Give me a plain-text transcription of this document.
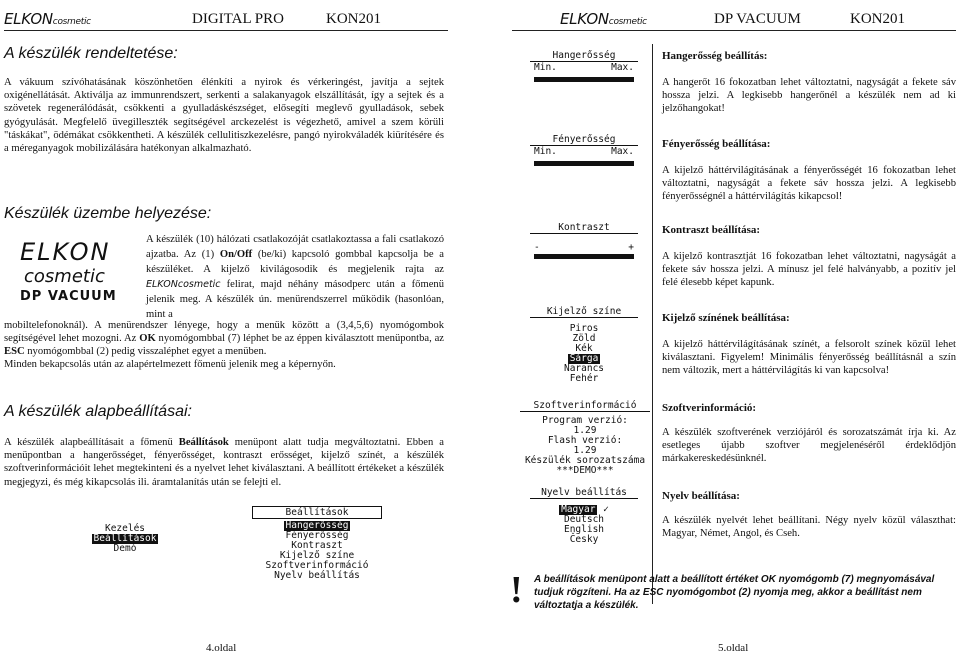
ELKONcosmetic	DIGITAL PRO	KON201
A készülék rendeltetése:

A vákuum szívóhatásának köszönhetően élénkíti a nyirok és vérkeringést, javítja a sejtek oxigénellátását. Aktiválja az immunrendszert, serkenti a salakanyagok elszállítását, így a sejtek és a szövetek regenerálódását, csökkenti a gyulladáskészséget, elősegíti meglevő gyulladások, sebek gyógyulását. Megfelelő üvegilleszték segítségével arckezelést is végezhető, amivel a szem körüli "táskákat", ödémákat csökkentheti. A készülék cellulitiszkezelésre, pangó nyirokváladék kiürítésére és a méreganyagok mobilizálására hatékonyan alkalmazható.

Készülék üzembe helyezése:
ELKON
cosmetic
DP VACUUM

A készülék (10) hálózati csatlakozóját csatlakoztassa a fali csatlakozó ajzatba. Az (1) On/Off (be/ki) kapcsoló gombbal kapcsolja be a készüléket. A kijelző kivilágosodik és megjelenik rajta az ELKONcosmetic felirat, majd néhány másodperc után a főmenü jelenik meg. A készülék ún. menürendszerrel működik (hasonlóan, mint a

mobiltelefonoknál). A menürendszer lényege, hogy a menük között a (3,4,5,6) nyomógombok segítségével lehet mozogni. Az OK nyomógombbal (7) léphet be az éppen kiválasztott menüpontba, az ESC nyomógombbal (2) pedig visszaléphet egyet a menüben.
Minden bekapcsolás után az alapértelmezett főmenü jelenik meg a képernyőn.

A készülék alapbeállításai:

A készülék alapbeállításait a főmenü Beállítások menüpont alatt tudja megváltoztatni. Ebben a menüpontban a hangerősséget, fényerősséget, kontraszt erősséget, kijelző színét, a készülék szoftverinformációit lehet megtekinteni és a nyelvet lehet kiválasztani. A beállított értékeket a készülék megjegyzi, és még kikapcsolás ili. áramtalanítás után se felejti el.

Kezelés
Beállítások
Demó
Beállítások
Hangerősség
Fényerősség
Kontraszt
Kijelző színe
Szoftverinformáció
Nyelv beállítás
4.oldal
ELKONcosmetic	DP VACUUM	KON201
Hangerősség
Min.	Max.
Fényerősség
Min.	Max.
Kontraszt
-	+
Kijelző színe
Piros
Zöld
Kék
Sárga
Narancs
Fehér
Szoftverinformáció
Program verzió:
1.29
Flash verzió:
1.29
Készülék sorozatszáma
***DEMO***
Nyelv beállítás
Magyar ✓
Deutsch
English
Česky
Hangerősség beállítás:

A hangerőt 16 fokozatban lehet változtatni, nagyságát a fekete sáv hossza jelzi. A legkisebb hangerőnél a készülék nem ad ki jelzőhangokat!

Fényerősség beállítása:

A kijelző háttérvilágításának a fényerősségét 16 fokozatban lehet változtatni, nagyságát a fekete sáv hossza jelzi. A legkisebb fényerősségnél a háttérvilágítás kikapcsol!

Kontraszt beállítása:

A kijelző kontrasztját 16 fokozatban lehet változtatni, nagyságát a fekete sáv hossza jelzi. A mínusz jel felé halványabb, a pozitív jel felé élesebb képet kapunk.

Kijelző színének beállítása:

A kijelző háttérvilágításának színét, a felsorolt színek közül lehet kiválasztani. Figyelem! Minimális fényerősség beállításnál a szín nem változik, mert a háttérvilágítás ki van kapcsolva!

Szoftverinformáció:

A készülék szoftverének verziójáról és sorozatszámát írja ki. Az esetleges újabb szoftver megjelenéséről érdeklődjön márkakereskedésünknél.

Nyelv beállítása:

A készülék nyelvét lehet beállítani. Négy nyelv közül választhat: Magyar, Német, Angol, és Cseh.

! A beállítások menüpont alatt a beállított értéket OK nyomógomb (7) megnyomásával tudjuk rögzíteni. Ha az ESC nyomógombot (2) nyomja meg, akkor a beállítást nem változtatja a készülék.
5.oldal
